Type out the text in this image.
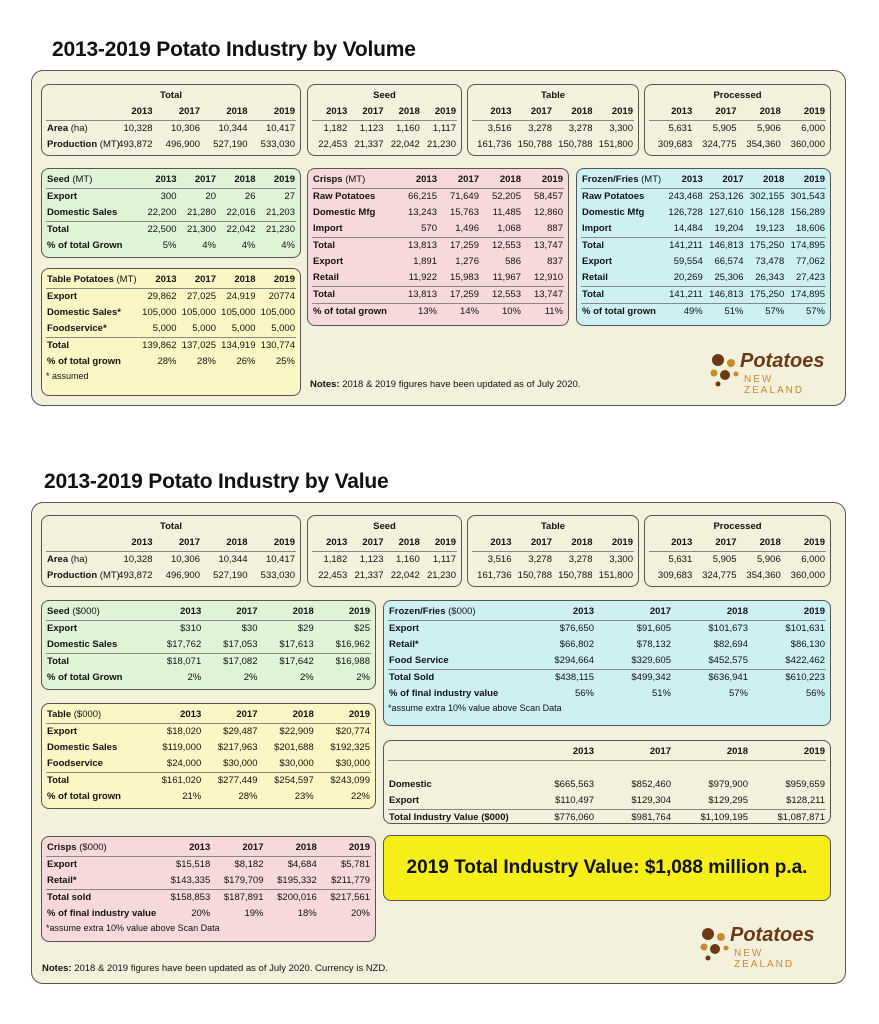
2013-2019 Potato Industry by Volume
Total				
	2013	2017	2018	2019
Area (ha)	10,328	10,306	10,344	10,417
Production (MT)	493,872	496,900	527,190	533,030
Seed			
2013	2017	2018	2019
1,182	1,123	1,160	1,117
22,453	21,337	22,042	21,230
Table			
2013	2017	2018	2019
3,516	3,278	3,278	3,300
161,736	150,788	150,788	151,800
Processed			
2013	2017	2018	2019
5,631	5,905	5,906	6,000
309,683	324,775	354,360	360,000
Seed (MT)	2013	2017	2018	2019
Export	300	20	26	27
Domestic Sales	22,200	21,280	22,016	21,203
Total	22,500	21,300	22,042	21,230
% of total Grown	5%	4%	4%	4%
Table Potatoes (MT)	2013	2017	2018	2019
Export	29,862	27,025	24,919	20774
Domestic Sales*	105,000	105,000	105,000	105,000
Foodservice*	5,000	5,000	5,000	5,000
Total	139,862	137,025	134,919	130,774
% of total grown	28%	28%	26%	25%
* assumed
Crisps (MT)	2013	2017	2018	2019
Raw Potatoes	66,215	71,649	52,205	58,457
Domestic Mfg	13,243	15,763	11,485	12,860
Import	570	1,496	1,068	887
Total	13,813	17,259	12,553	13,747
Export	1,891	1,276	586	837
Retail	11,922	15,983	11,967	12,910
Total	13,813	17,259	12,553	13,747
% of total grown	13%	14%	10%	11%
Frozen/Fries (MT)	2013	2017	2018	2019
Raw Potatoes	243,468	253,126	302,155	301,543
Domestic Mfg	126,728	127,610	156,128	156,289
Import	14,484	19,204	19,123	18,606
Total	141,211	146,813	175,250	174,895
Export	59,554	66,574	73,478	77,062
Retail	20,269	25,306	26,343	27,423
Total	141,211	146,813	175,250	174,895
% of total grown	49%	51%	57%	57%
Notes: 2018 & 2019 figures have been updated as of July 2020.
Potatoes
NEW ZEALAND
2013-2019 Potato Industry by Value
Total				
	2013	2017	2018	2019
Area (ha)	10,328	10,306	10,344	10,417
Production (MT)	493,872	496,900	527,190	533,030
Seed			
2013	2017	2018	2019
1,182	1,123	1,160	1,117
22,453	21,337	22,042	21,230
Table			
2013	2017	2018	2019
3,516	3,278	3,278	3,300
161,736	150,788	150,788	151,800
Processed			
2013	2017	2018	2019
5,631	5,905	5,906	6,000
309,683	324,775	354,360	360,000
Seed ($000)	2013	2017	2018	2019
Export	$310	$30	$29	$25
Domestic Sales	$17,762	$17,053	$17,613	$16,962
Total	$18,071	$17,082	$17,642	$16,988
% of total Grown	2%	2%	2%	2%
Table ($000)	2013	2017	2018	2019
Export	$18,020	$29,487	$22,909	$20,774
Domestic Sales	$119,000	$217,963	$201,688	$192,325
Foodservice	$24,000	$30,000	$30,000	$30,000
Total	$161,020	$277,449	$254,597	$243,099
% of total grown	21%	28%	23%	22%
Crisps ($000)	2013	2017	2018	2019
Export	$15,518	$8,182	$4,684	$5,781
Retail*	$143,335	$179,709	$195,332	$211,779
Total sold	$158,853	$187,891	$200,016	$217,561
% of final industry value	20%	19%	18%	20%
*assume extra 10% value above Scan Data
Frozen/Fries ($000)	2013	2017	2018	2019
Export	$76,650	$91,605	$101,673	$101,631
Retail*	$66,802	$78,132	$82,694	$86,130
Food Service	$294,664	$329,605	$452,575	$422,462
Total Sold	$438,115	$499,342	$636,941	$610,223
% of final industry value	56%	51%	57%	56%
*assume extra 10% value above Scan Data
	2013	2017	2018	2019

Domestic	$665,563	$852,460	$979,900	$959,659
Export	$110,497	$129,304	$129,295	$128,211
Total Industry Value ($000)	$776,060	$981,764	$1,109,195	$1,087,871
2019 Total Industry Value: $1,088 million p.a.
Notes: 2018 & 2019 figures have been updated as of July 2020. Currency is NZD.
Potatoes
NEW ZEALAND
